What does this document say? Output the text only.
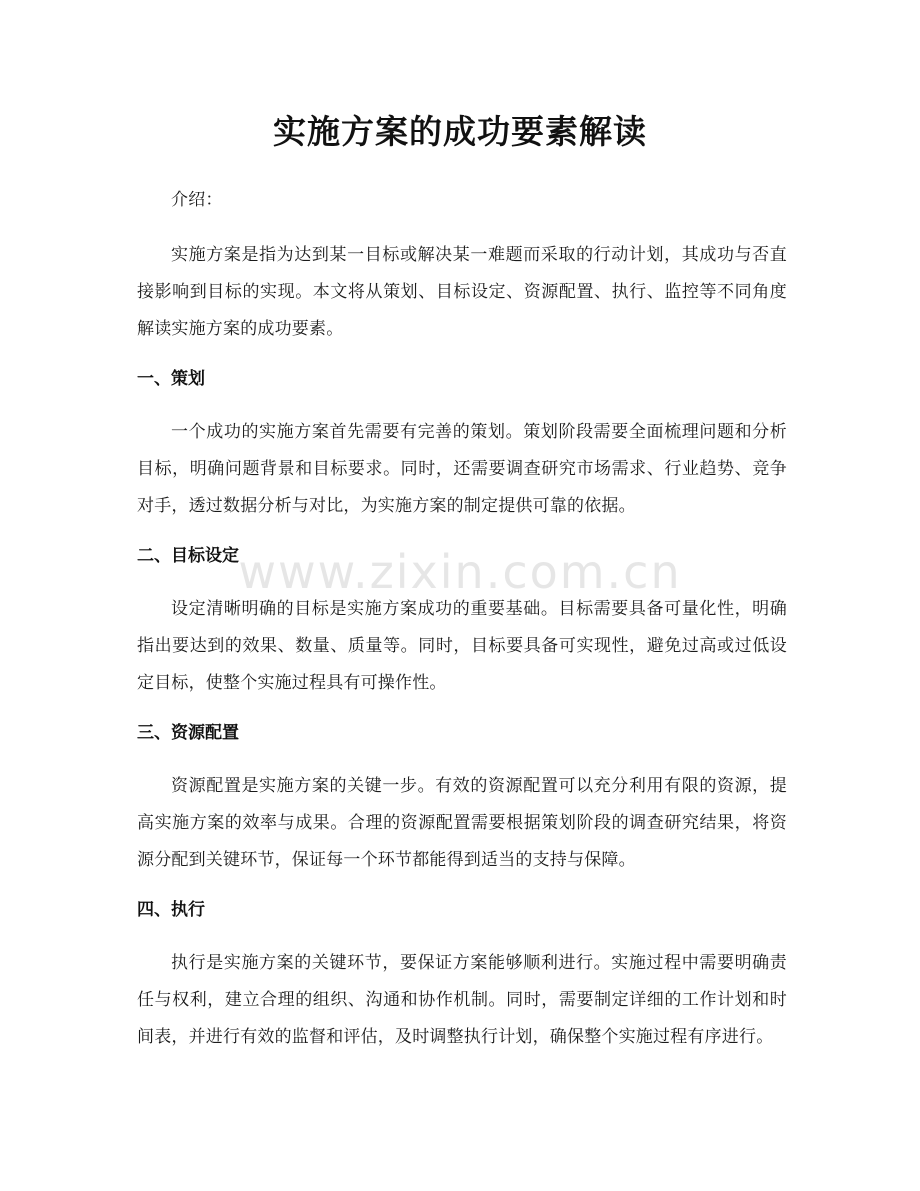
实施方案的成功要素解读

介绍：

实施方案是指为达到某一目标或解决某一难题而采取的行动计划，其成功与否直接影响到目标的实现。本文将从策划、目标设定、资源配置、执行、监控等不同角度解读实施方案的成功要素。

一、策划

一个成功的实施方案首先需要有完善的策划。策划阶段需要全面梳理问题和分析目标，明确问题背景和目标要求。同时，还需要调查研究市场需求、行业趋势、竞争对手，透过数据分析与对比，为实施方案的制定提供可靠的依据。

二、目标设定

设定清晰明确的目标是实施方案成功的重要基础。目标需要具备可量化性，明确指出要达到的效果、数量、质量等。同时，目标要具备可实现性，避免过高或过低设定目标，使整个实施过程具有可操作性。

三、资源配置

资源配置是实施方案的关键一步。有效的资源配置可以充分利用有限的资源，提高实施方案的效率与成果。合理的资源配置需要根据策划阶段的调查研究结果，将资源分配到关键环节，保证每一个环节都能得到适当的支持与保障。

四、执行

执行是实施方案的关键环节，要保证方案能够顺利进行。实施过程中需要明确责任与权利，建立合理的组织、沟通和协作机制。同时，需要制定详细的工作计划和时间表，并进行有效的监督和评估，及时调整执行计划，确保整个实施过程有序进行。

www.zixin.com.cn
